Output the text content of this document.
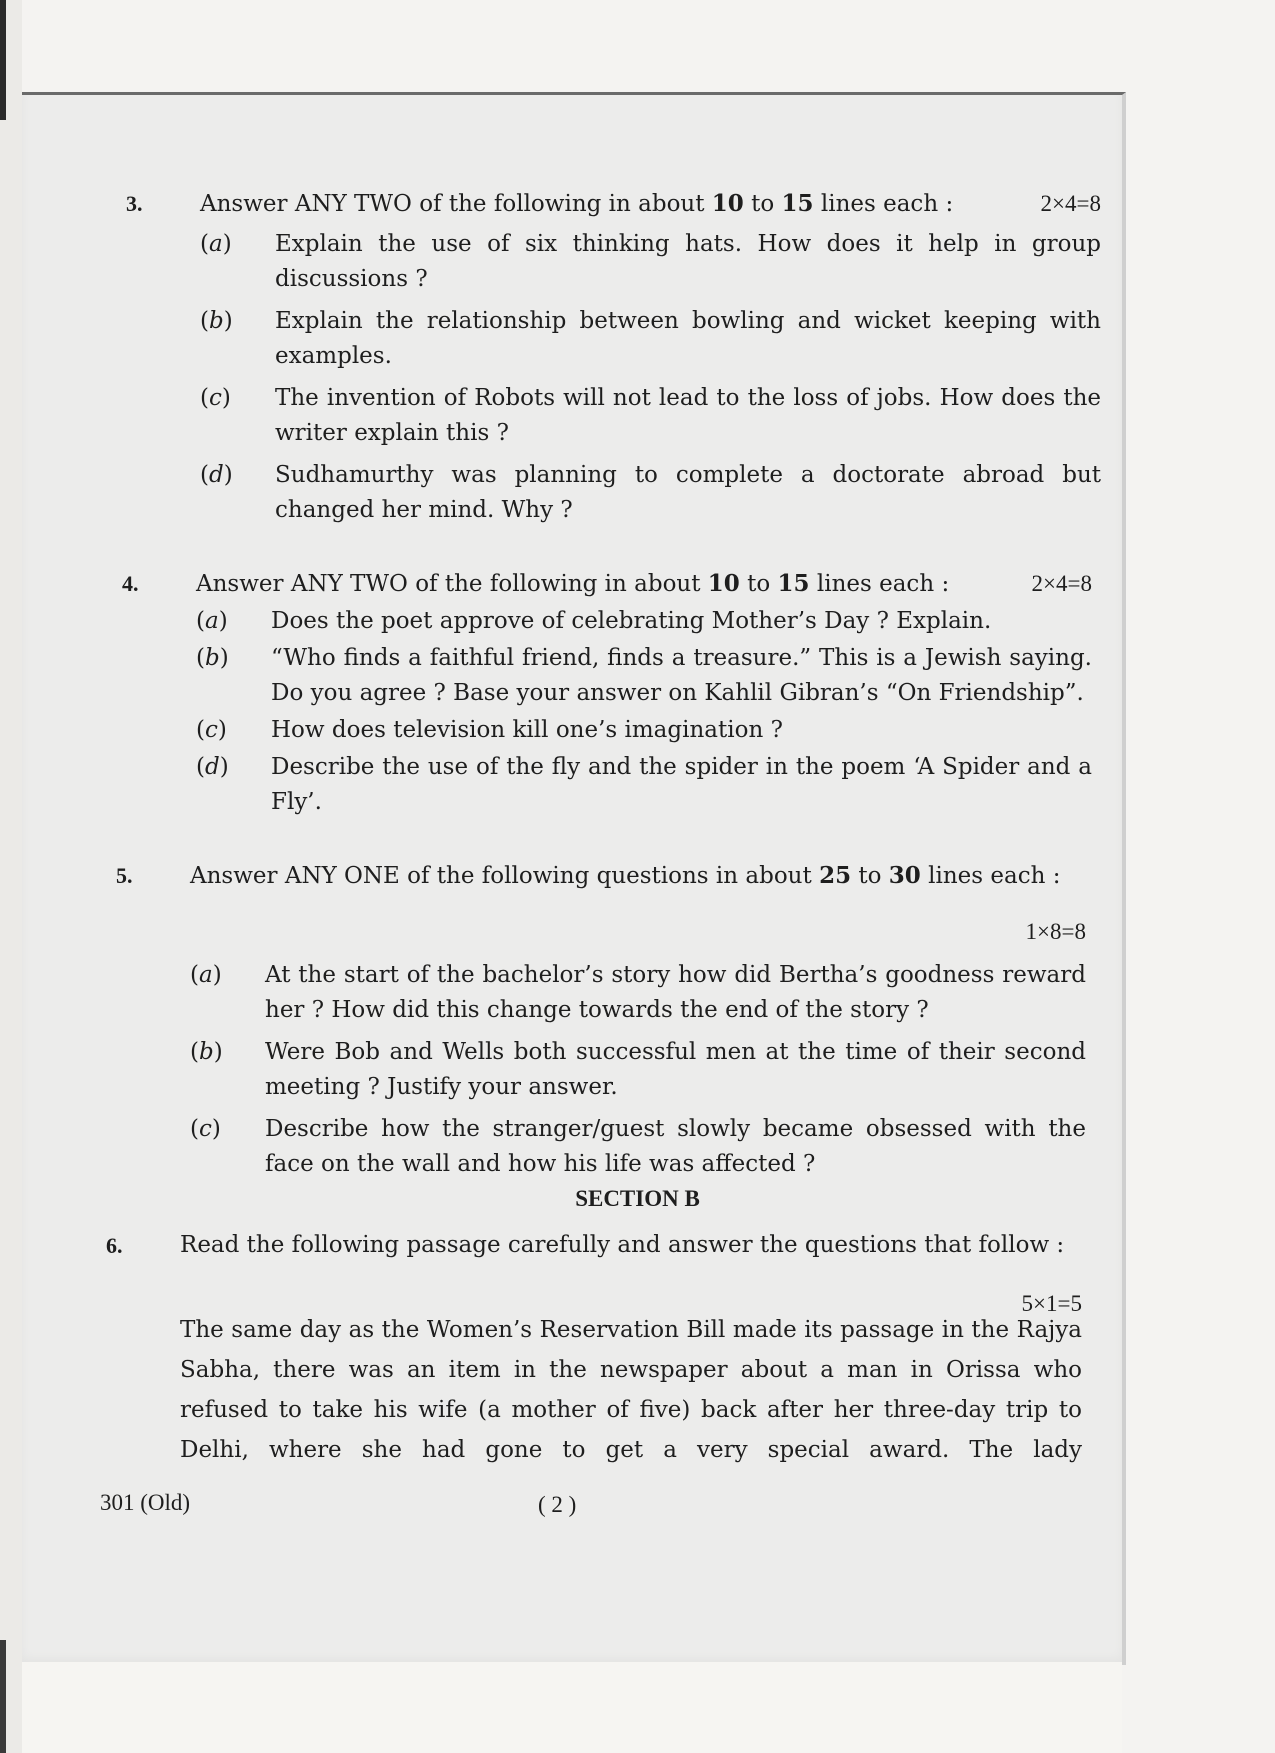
3.	Answer ANY TWO of the following in about 10 to 15 lines each :	2×4=8
(a) Explain the use of six thinking hats. How does it help in group discussions ?
(b) Explain the relationship between bowling and wicket keeping with examples.
(c) The invention of Robots will not lead to the loss of jobs. How does the writer explain this ?
(d) Sudhamurthy was planning to complete a doctorate abroad but changed her mind. Why ?
4.	Answer ANY TWO of the following in about 10 to 15 lines each :	2×4=8
(a) Does the poet approve of celebrating Mother’s Day ? Explain.
(b) “Who finds a faithful friend, finds a treasure.” This is a Jewish saying. Do you agree ? Base your answer on Kahlil Gibran’s “On Friendship”.
(c) How does television kill one’s imagination ?
(d) Describe the use of the fly and the spider in the poem ‘A Spider and a Fly’.
5.	Answer ANY ONE of the following questions in about 25 to 30 lines each :
1×8=8
(a) At the start of the bachelor’s story how did Bertha’s goodness reward her ? How did this change towards the end of the story ?
(b) Were Bob and Wells both successful men at the time of their second meeting ? Justify your answer.
(c) Describe how the stranger/guest slowly became obsessed with the face on the wall and how his life was affected ?
SECTION B
6.	Read the following passage carefully and answer the questions that follow :
5×1=5
The same day as the Women’s Reservation Bill made its passage in the Rajya Sabha, there was an item in the newspaper about a man in Orissa who refused to take his wife (a mother of five) back after her three-day trip to Delhi, where she had gone to get a very special award. The lady
301 (Old)	( 2 )
